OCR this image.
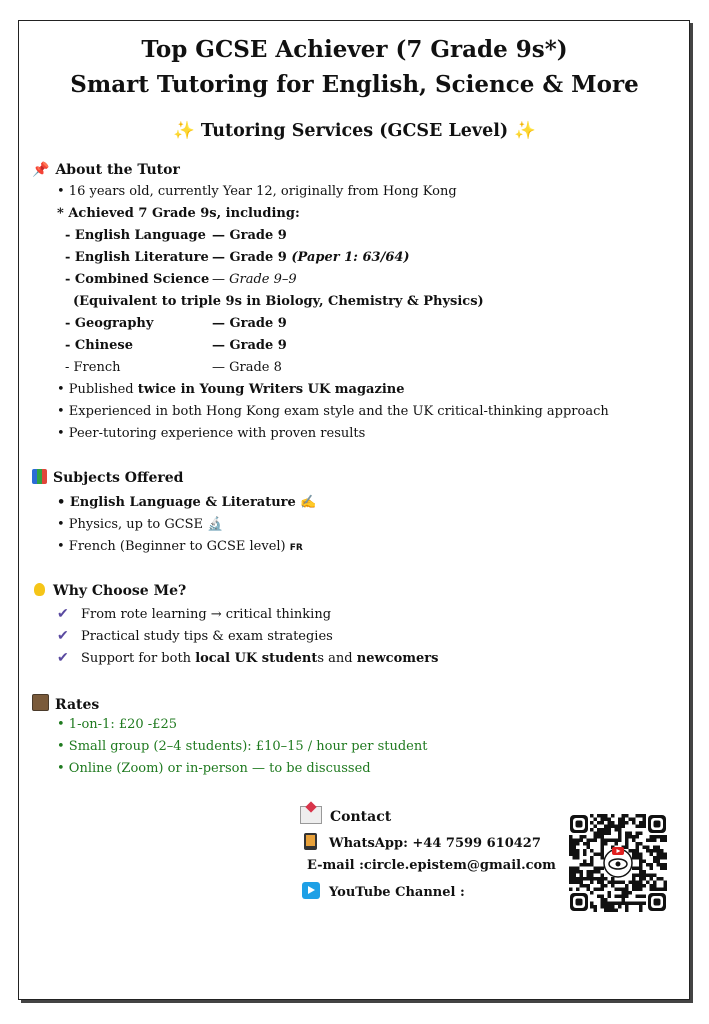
Top GCSE Achiever (7 Grade 9s*)
Smart Tutoring for English, Science & More
✨ Tutoring Services (GCSE Level) ✨
📌 About the Tutor
• 16 years old, currently Year 12, originally from Hong Kong
* Achieved 7 Grade 9s, including:
- English Language — Grade 9
- English Literature — Grade 9 (Paper 1: 63/64)
- Combined Science — Grade 9–9
(Equivalent to triple 9s in Biology, Chemistry & Physics)
- Geography	— Grade 9
- Chinese	— Grade 9
- French	— Grade 8
• Published twice in Young Writers UK magazine
• Experienced in both Hong Kong exam style and the UK critical-thinking approach
• Peer-tutoring experience with proven results
Subjects Offered
• English Language & Literature ✍
• Physics, up to GCSE 🔬
• French (Beginner to GCSE level) FR
Why Choose Me?
✔ From rote learning → critical thinking
✔ Practical study tips & exam strategies
✔ Support for both local UK students and newcomers
Rates
• 1-on-1: £20 -£25
• Small group (2–4 students): £10–15 / hour per student
• Online (Zoom) or in-person — to be discussed
Contact
WhatsApp: +44 7599 610427
E-mail :circle.epistem@gmail.com
YouTube Channel :
